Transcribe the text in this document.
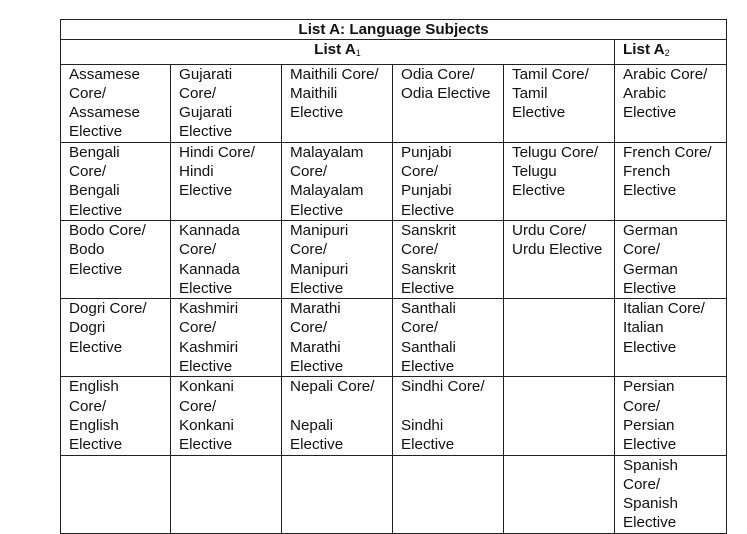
List A: Language Subjects					
List $A_1$					List $A_2$

Assamese
Core/
Assamese
Elective	Gujarati
Core/
Gujarati
Elective	Maithili Core/
Maithili
Elective	Odia Core/
Odia Elective	Tamil Core/
Tamil
Elective	Arabic Core/
Arabic
Elective

Bengali
Core/
Bengali
Elective	Hindi Core/
Hindi
Elective	Malayalam
Core/
Malayalam
Elective	Punjabi
Core/
Punjabi
Elective	Telugu Core/
Telugu
Elective	French Core/
French
Elective

Bodo Core/
Bodo
Elective	Kannada
Core/
Kannada
Elective	Manipuri
Core/
Manipuri
Elective	Sanskrit
Core/
Sanskrit
Elective	Urdu Core/
Urdu Elective	German
Core/
German
Elective

Dogri Core/
Dogri
Elective	Kashmiri
Core/
Kashmiri
Elective	Marathi
Core/
Marathi
Elective	Santhali
Core/
Santhali
Elective		Italian Core/
Italian
Elective

English
Core/
English
Elective	Konkani
Core/
Konkani
Elective	Nepali Core/
Nepali
Elective	Sindhi Core/
Sindhi
Elective		Persian
Core/
Persian
Elective

					Spanish
Core/
Spanish
Elective
